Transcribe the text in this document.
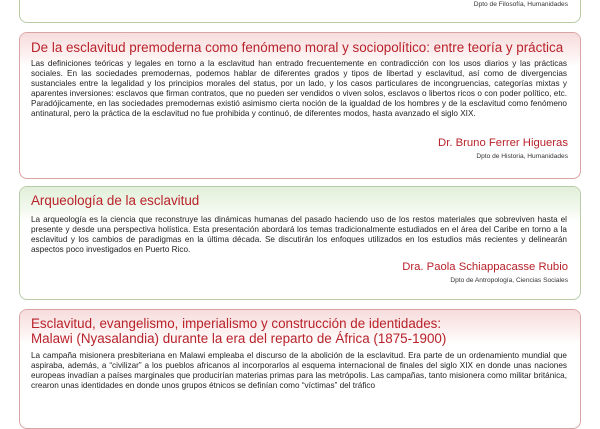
Dpto de Filosofía, Humanidades
De la esclavitud premoderna como fenómeno moral y sociopolítico: entre teoría y práctica
Las definiciones teóricas y legales en torno a la esclavitud han entrado frecuentemente en contradicción con los usos diarios y las prácticas sociales. En las sociedades premodernas, podemos hablar de diferentes grados y tipos de libertad y esclavitud, así como de divergencias sustanciales entre la legalidad y los principios morales del status, por un lado, y los casos particulares de incongruencias, categorías mixtas y aparentes inversiones: esclavos que firman contratos, que no pueden ser vendidos o viven solos, esclavos o libertos ricos o con poder político, etc. Paradójicamente, en las sociedades premodernas existió asimismo cierta noción de la igualdad de los hombres y de la esclavitud como fenómeno antinatural, pero la práctica de la esclavitud no fue prohibida y continuó, de diferentes modos, hasta avanzado el siglo XIX.
Dr. Bruno Ferrer Higueras
Dpto de Historia, Humanidades
Arqueología de la esclavitud
La arqueología es la ciencia que reconstruye las dinámicas humanas del pasado haciendo uso de los restos materiales que sobreviven hasta el presente y desde una perspectiva holística. Esta presentación abordará los temas tradicionalmente estudiados en el área del Caribe en torno a la esclavitud y los cambios de paradigmas en la última década. Se discutirán los enfoques utilizados en los estudios más recientes y delinearán aspectos poco investigados en Puerto Rico.
Dra. Paola Schiappacasse Rubio
Dpto de Antropología, Ciencias Sociales
Esclavitud, evangelismo, imperialismo y construcción de identidades:
Malawi (Nyasalandia) durante la era del reparto de África (1875-1900)
La campaña misionera presbiteriana en Malawi empleaba el discurso de la abolición de la esclavitud. Era parte de un ordenamiento mundial que aspiraba, además, a “civilizar” a los pueblos africanos al incorporarlos al esquema internacional de finales del siglo XIX en donde unas naciones europeas invadían a países marginales que producirían materias primas para las metrópolis. Las campañas, tanto misionera como militar británica, crearon unas identidades en donde unos grupos étnicos se definían como “víctimas” del tráfico
